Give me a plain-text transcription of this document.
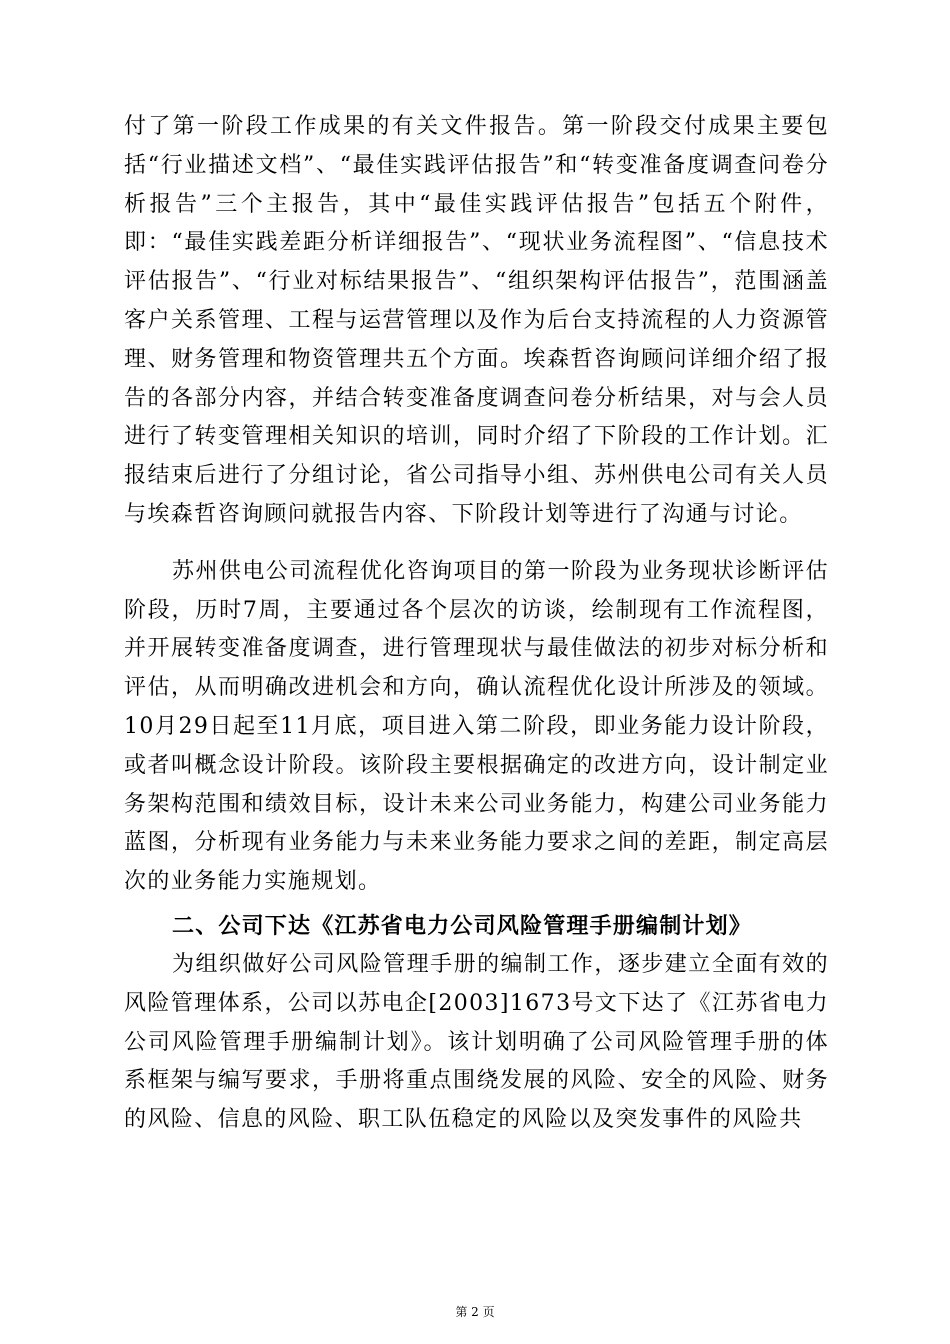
付了第一阶段工作成果的有关文件报告。第一阶段交付成果主要包括“行业描述文档”、“最佳实践评估报告”和“转变准备度调查问卷分析报告”三个主报告，其中“最佳实践评估报告”包括五个附件，即：“最佳实践差距分析详细报告”、“现状业务流程图”、“信息技术评估报告”、“行业对标结果报告”、“组织架构评估报告”，范围涵盖客户关系管理、工程与运营管理以及作为后台支持流程的人力资源管理、财务管理和物资管理共五个方面。埃森哲咨询顾问详细介绍了报告的各部分内容，并结合转变准备度调查问卷分析结果，对与会人员进行了转变管理相关知识的培训，同时介绍了下阶段的工作计划。汇报结束后进行了分组讨论，省公司指导小组、苏州供电公司有关人员与埃森哲咨询顾问就报告内容、下阶段计划等进行了沟通与讨论。

苏州供电公司流程优化咨询项目的第一阶段为业务现状诊断评估阶段，历时7周，主要通过各个层次的访谈，绘制现有工作流程图，并开展转变准备度调查，进行管理现状与最佳做法的初步对标分析和评估，从而明确改进机会和方向，确认流程优化设计所涉及的领域。10月29日起至11月底，项目进入第二阶段，即业务能力设计阶段，或者叫概念设计阶段。该阶段主要根据确定的改进方向，设计制定业务架构范围和绩效目标，设计未来公司业务能力，构建公司业务能力蓝图，分析现有业务能力与未来业务能力要求之间的差距，制定高层次的业务能力实施规划。

二、公司下达《江苏省电力公司风险管理手册编制计划》

为组织做好公司风险管理手册的编制工作，逐步建立全面有效的风险管理体系，公司以苏电企[2003]1673号文下达了《江苏省电力公司风险管理手册编制计划》。该计划明确了公司风险管理手册的体系框架与编写要求，手册将重点围绕发展的风险、安全的风险、财务的风险、信息的风险、职工队伍稳定的风险以及突发事件的风险共

第 2 页
